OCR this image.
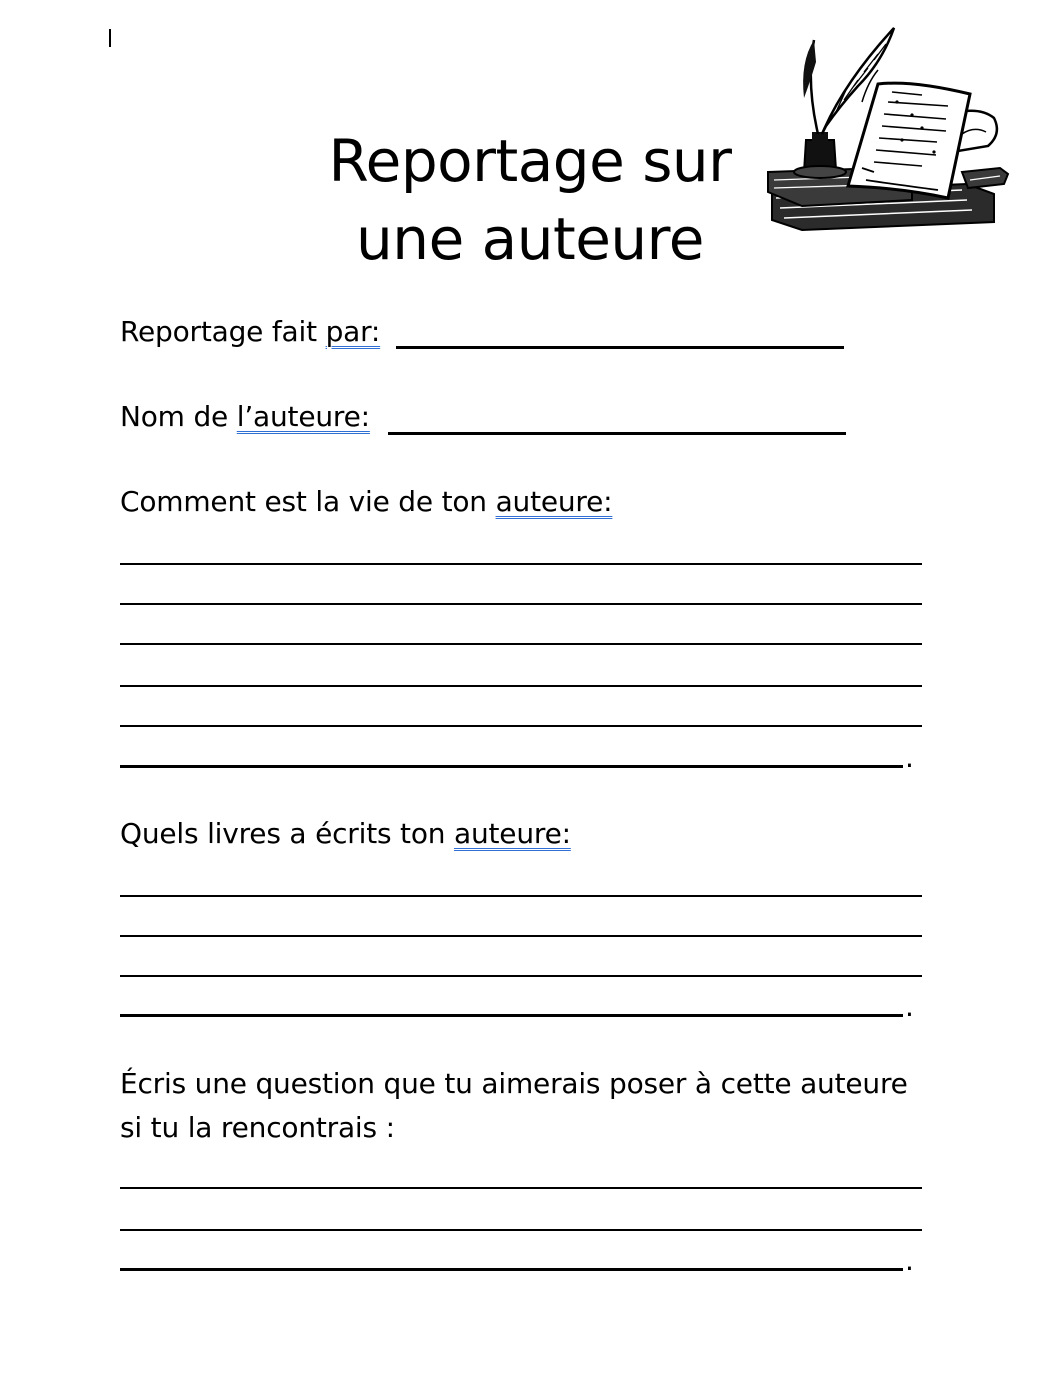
Reportage sur
une auteure
Reportage fait par:
Nom de l’auteure:
Comment est la vie de ton auteure:
.
Quels livres a écrits ton auteure:
.
Écris une question que tu aimerais poser à cette auteure
si tu la rencontrais :
.
